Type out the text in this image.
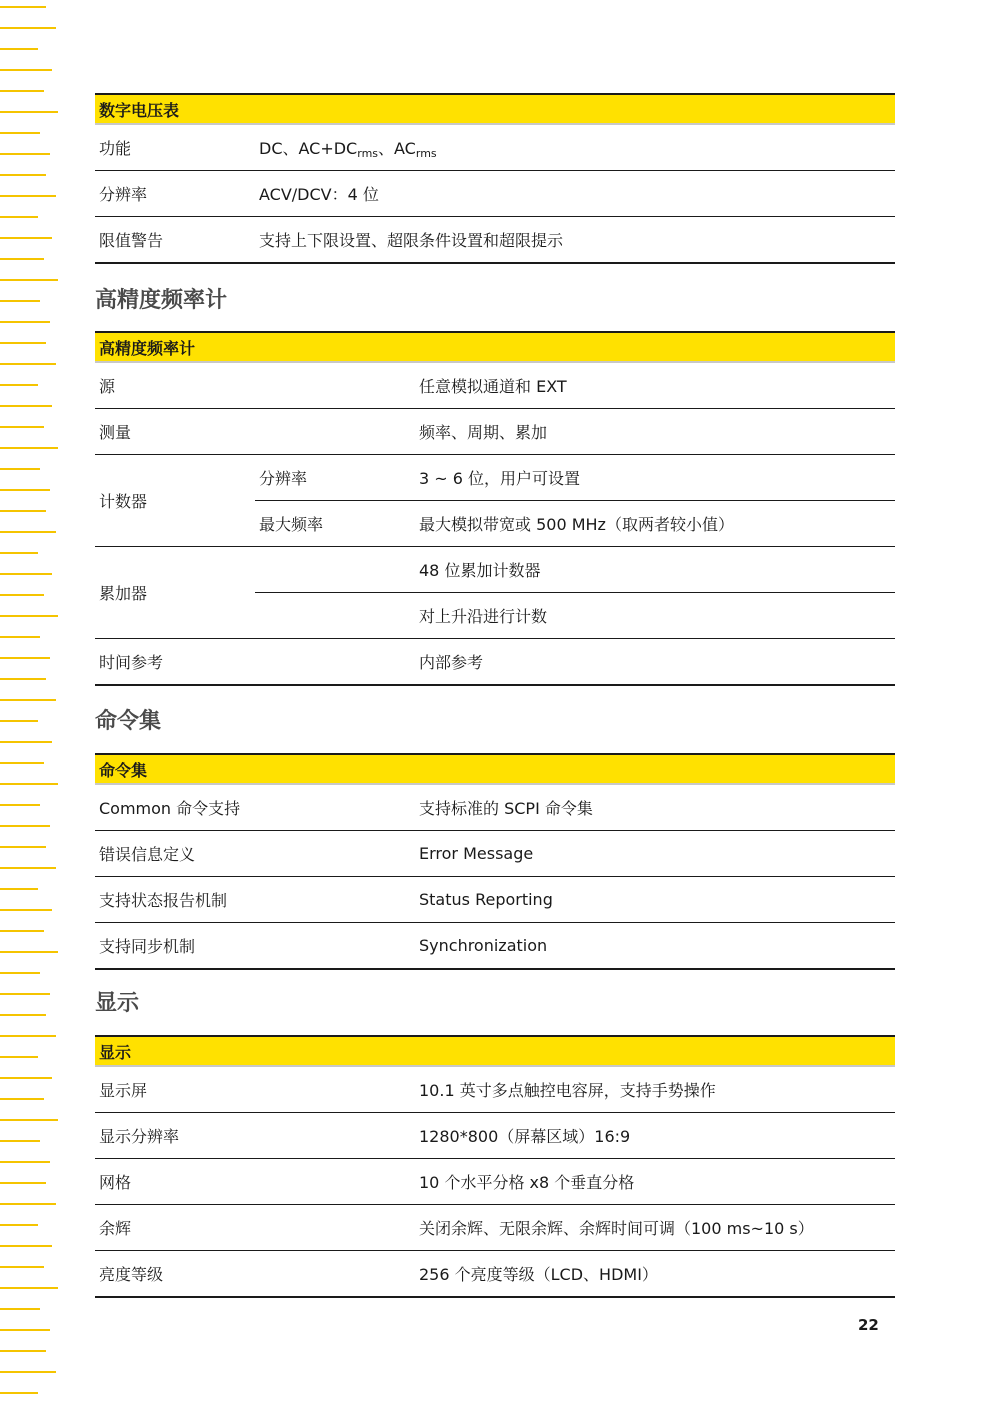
数字电压表	
功能	DC、$AC+DC_{rms}$、$AC_{rms}$
分辨率	ACV/DCV：4 位
限值警告	支持上下限设置、超限条件设置和超限提示
高精度频率计
高精度频率计		
源		任意模拟通道和 EXT
测量		频率、周期、累加
计数器	分辨率	3 ~ 6 位，用户可设置
	最大频率	最大模拟带宽或 500 MHz（取两者较小值）
累加器		48 位累加计数器
		对上升沿进行计数
时间参考		内部参考
命令集
命令集	
Common 命令支持	支持标准的 SCPI 命令集
错误信息定义	Error Message
支持状态报告机制	Status Reporting
支持同步机制	Synchronization
显示
显示	
显示屏	10.1 英寸多点触控电容屏，支持手势操作
显示分辨率	1280*800（屏幕区域）16:9
网格	10 个水平分格 x8 个垂直分格
余辉	关闭余辉、无限余辉、余辉时间可调（100 ms~10 s）
亮度等级	256 个亮度等级（LCD、HDMI）
22
